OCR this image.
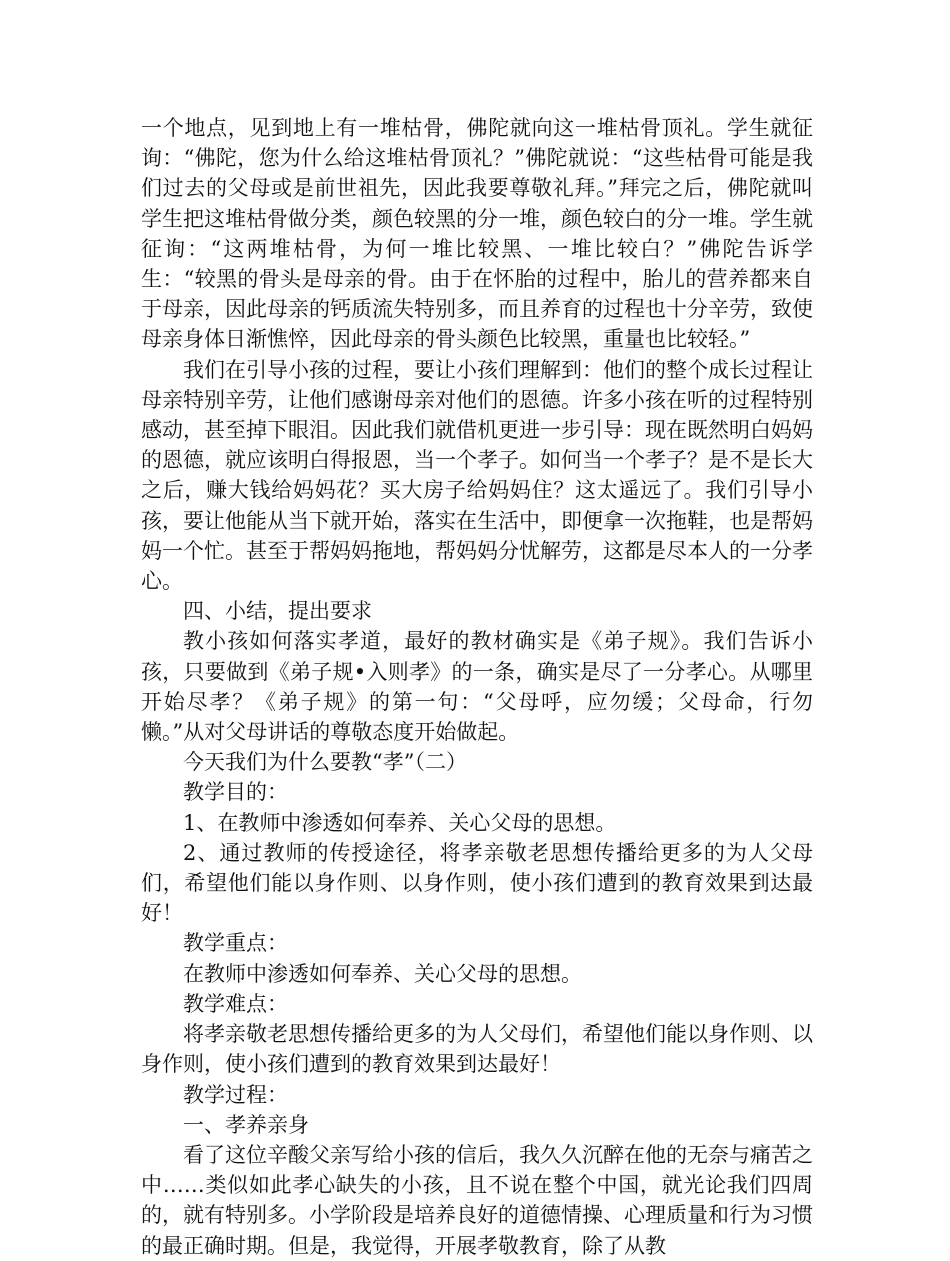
一个地点，见到地上有一堆枯骨，佛陀就向这一堆枯骨顶礼。学生就征询：“佛陀，您为什么给这堆枯骨顶礼？”佛陀就说：“这些枯骨可能是我们过去的父母或是前世祖先，因此我要尊敬礼拜。”拜完之后，佛陀就叫学生把这堆枯骨做分类，颜色较黑的分一堆，颜色较白的分一堆。学生就征询：“这两堆枯骨，为何一堆比较黑、一堆比较白？”佛陀告诉学生：“较黑的骨头是母亲的骨。由于在怀胎的过程中，胎儿的营养都来自于母亲，因此母亲的钙质流失特别多，而且养育的过程也十分辛劳，致使母亲身体日渐憔悴，因此母亲的骨头颜色比较黑，重量也比较轻。”

我们在引导小孩的过程，要让小孩们理解到：他们的整个成长过程让母亲特别辛劳，让他们感谢母亲对他们的恩德。许多小孩在听的过程特别感动，甚至掉下眼泪。因此我们就借机更进一步引导：现在既然明白妈妈的恩德，就应该明白得报恩，当一个孝子。如何当一个孝子？是不是长大之后，赚大钱给妈妈花？买大房子给妈妈住？这太遥远了。我们引导小孩，要让他能从当下就开始，落实在生活中，即便拿一次拖鞋，也是帮妈妈一个忙。甚至于帮妈妈拖地，帮妈妈分忧解劳，这都是尽本人的一分孝心。

四、小结，提出要求

教小孩如何落实孝道，最好的教材确实是《弟子规》。我们告诉小孩，只要做到《弟子规•入则孝》的一条，确实是尽了一分孝心。从哪里开始尽孝？《弟子规》的第一句：“父母呼，应勿缓；父母命，行勿懒。”从对父母讲话的尊敬态度开始做起。

今天我们为什么要教“孝”（二）

教学目的：

1、在教师中渗透如何奉养、关心父母的思想。

2、通过教师的传授途径，将孝亲敬老思想传播给更多的为人父母们，希望他们能以身作则、以身作则，使小孩们遭到的教育效果到达最好！

教学重点：

在教师中渗透如何奉养、关心父母的思想。

教学难点：

将孝亲敬老思想传播给更多的为人父母们，希望他们能以身作则、以身作则，使小孩们遭到的教育效果到达最好！

教学过程：

一、孝养亲身

看了这位辛酸父亲写给小孩的信后，我久久沉醉在他的无奈与痛苦之中……类似如此孝心缺失的小孩，且不说在整个中国，就光论我们四周的，就有特别多。小学阶段是培养良好的道德情操、心理质量和行为习惯的最正确时期。但是，我觉得，开展孝敬教育，除了从教
